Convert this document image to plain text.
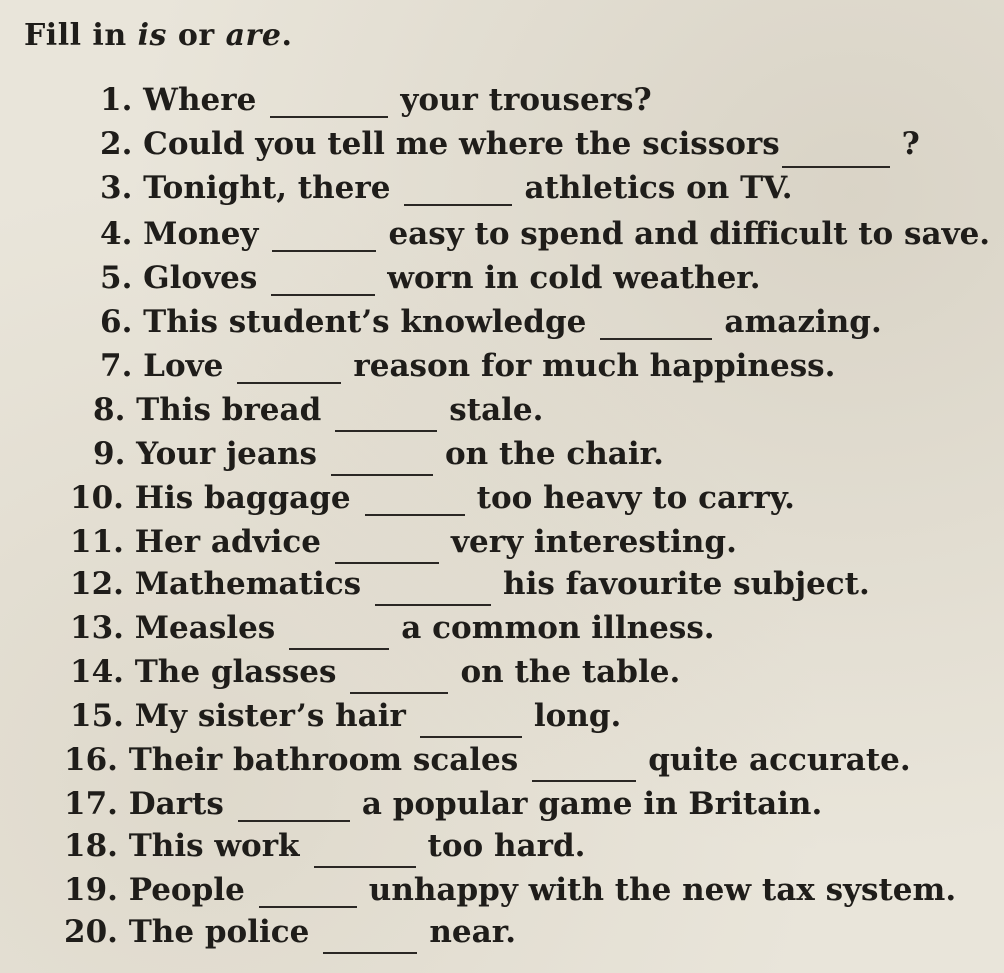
Fill in is or are.
1. Where	your trousers?
2. Could you tell me where the scissors	?
3. Tonight, there	athletics on TV.
4. Money	easy to spend and difficult to save.
5. Gloves	worn in cold weather.
6. This student’s knowledge	amazing.
7. Love	reason for much happiness.
8. This bread	stale.
9. Your jeans	on the chair.
10. His baggage	too heavy to carry.
11. Her advice	very interesting.
12. Mathematics	his favourite subject.
13. Measles	a common illness.
14. The glasses	on the table.
15. My sister’s hair	long.
16. Their bathroom scales	quite accurate.
17. Darts	a popular game in Britain.
18. This work	too hard.
19. People	unhappy with the new tax system.
20. The police	near.
